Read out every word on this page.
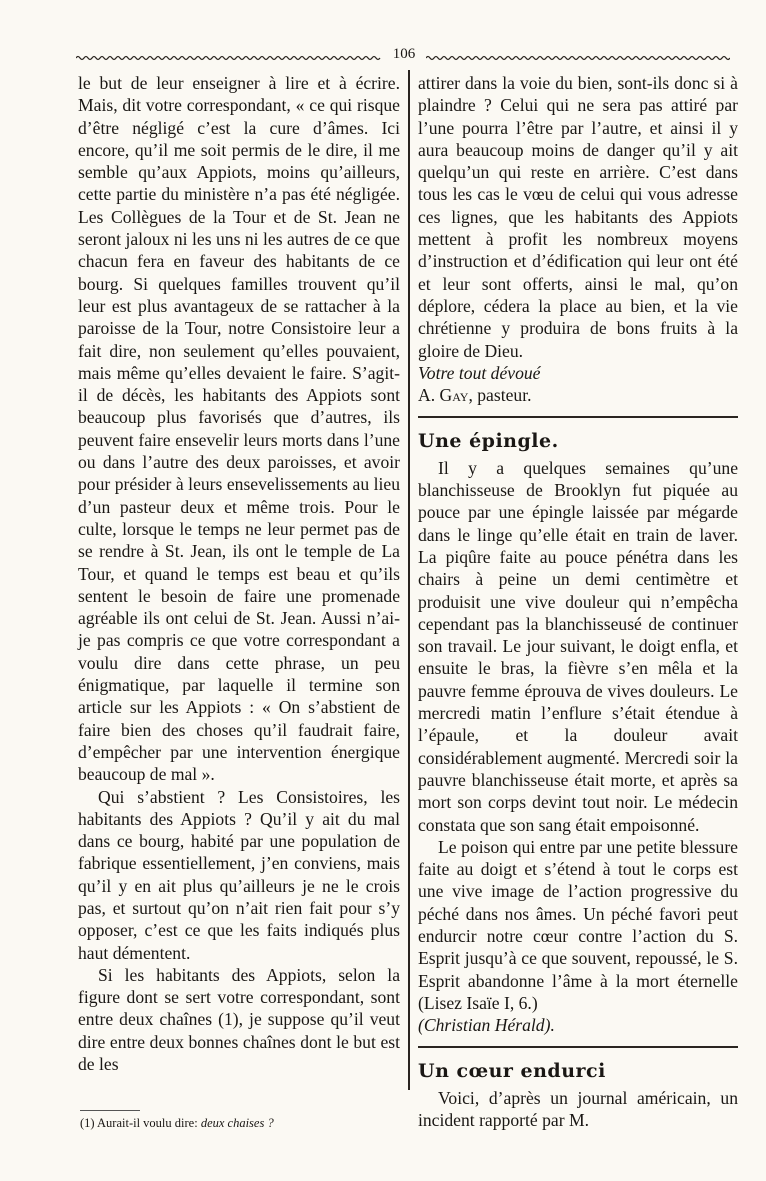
106

le but de leur enseigner à lire et à écrire. Mais, dit votre correspondant, « ce qui risque d’être négligé c’est la cure d’âmes. Ici encore, qu’il me soit permis de le dire, il me semble qu’aux Appiots, moins qu’ailleurs, cette partie du ministère n’a pas été négligée. Les Collègues de la Tour et de St. Jean ne seront jaloux ni les uns ni les autres de ce que chacun fera en faveur des habitants de ce bourg. Si quelques familles trouvent qu’il leur est plus avantageux de se rattacher à la paroisse de la Tour, notre Consistoire leur a fait dire, non seulement qu’elles pouvaient, mais même qu’elles devaient le faire. S’agit-il de décès, les habitants des Appiots sont beaucoup plus favorisés que d’autres, ils peuvent faire ensevelir leurs morts dans l’une ou dans l’autre des deux paroisses, et avoir pour présider à leurs ensevelissements au lieu d’un pasteur deux et même trois. Pour le culte, lorsque le temps ne leur permet pas de se rendre à St. Jean, ils ont le temple de La Tour, et quand le temps est beau et qu’ils sentent le besoin de faire une promenade agréable ils ont celui de St. Jean. Aussi n’ai-je pas compris ce que votre correspondant a voulu dire dans cette phrase, un peu énigmatique, par laquelle il termine son article sur les Appiots : « On s’abstient de faire bien des choses qu’il faudrait faire, d’empêcher par une intervention énergique beaucoup de mal ».

Qui s’abstient ? Les Consistoires, les habitants des Appiots ? Qu’il y ait du mal dans ce bourg, habité par une population de fabrique essentiellement, j’en conviens, mais qu’il y en ait plus qu’ailleurs je ne le crois pas, et surtout qu’on n’ait rien fait pour s’y opposer, c’est ce que les faits indiqués plus haut démentent.

Si les habitants des Appiots, selon la figure dont se sert votre correspondant, sont entre deux chaînes (1), je suppose qu’il veut dire entre deux bonnes chaînes dont le but est de les

attirer dans la voie du bien, sont-ils donc si à plaindre ? Celui qui ne sera pas attiré par l’une pourra l’être par l’autre, et ainsi il y aura beaucoup moins de danger qu’il y ait quelqu’un qui reste en arrière. C’est dans tous les cas le vœu de celui qui vous adresse ces lignes, que les habitants des Appiots mettent à profit les nombreux moyens d’instruction et d’édification qui leur ont été et leur sont offerts, ainsi le mal, qu’on déplore, cédera la place au bien, et la vie chrétienne y produira de bons fruits à la gloire de Dieu.

Votre tout dévoué

A. Gay, pasteur.

Une épingle.

Il y a quelques semaines qu’une blanchisseuse de Brooklyn fut piquée au pouce par une épingle laissée par mégarde dans le linge qu’elle était en train de laver. La piqûre faite au pouce pénétra dans les chairs à peine un demi centimètre et produisit une vive douleur qui n’empêcha cependant pas la blanchisseusé de continuer son travail. Le jour suivant, le doigt enfla, et ensuite le bras, la fièvre s’en mêla et la pauvre femme éprouva de vives douleurs. Le mercredi matin l’enflure s’était étendue à l’épaule, et la douleur avait considérablement augmenté. Mercredi soir la pauvre blanchisseuse était morte, et après sa mort son corps devint tout noir. Le médecin constata que son sang était empoisonné.

Le poison qui entre par une petite blessure faite au doigt et s’étend à tout le corps est une vive image de l’action progressive du péché dans nos âmes. Un péché favori peut endurcir notre cœur contre l’action du S. Esprit jusqu’à ce que souvent, repoussé, le S. Esprit abandonne l’âme à la mort éternelle (Lisez Isaïe I, 6.)

(Christian Hérald).

Un cœur endurci

Voici, d’après un journal américain, un incident rapporté par M.

(1) Aurait-il voulu dire: deux chaises ?
